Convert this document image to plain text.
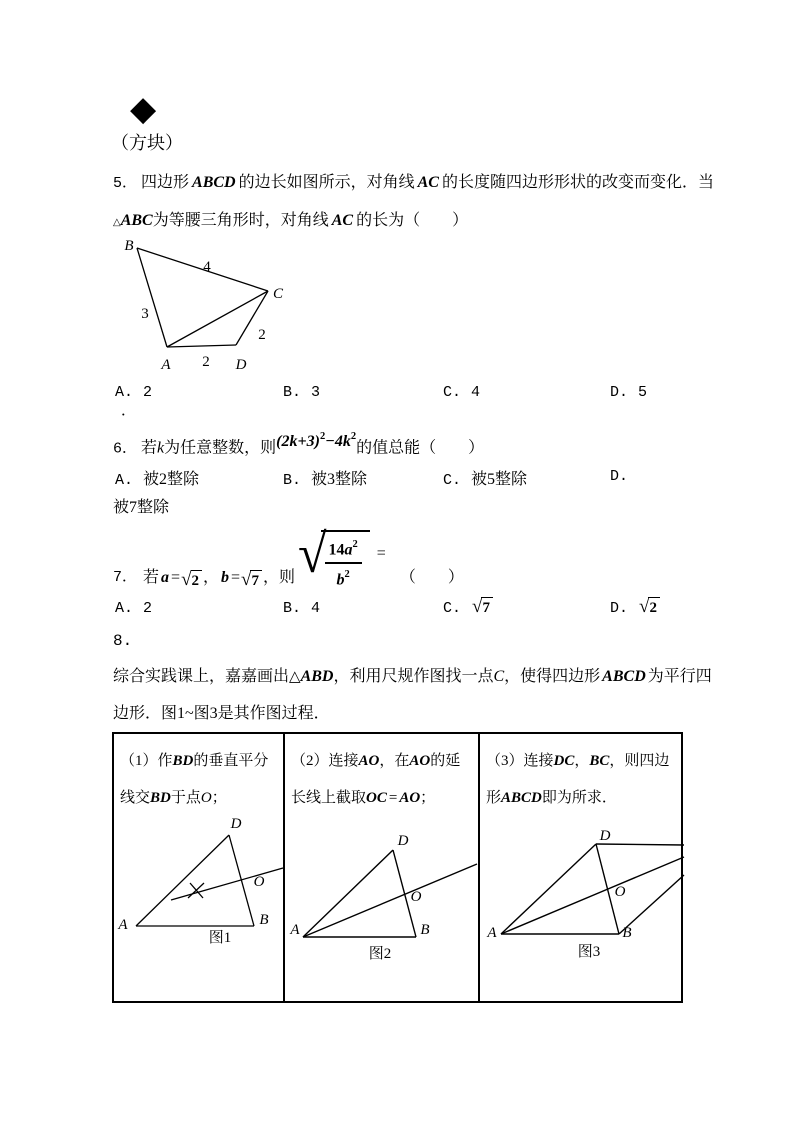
◆
（方块）
5． 四边形 ABCD 的边长如图所示，对角线 AC 的长度随四边形形状的改变而变化．当
△ABC为等腰三角形时，对角线 AC 的长为（　　）
B
C
A	D
4
3
2
2
A. 2	B. 3	C. 4	D. 5
．
6． 若k为任意整数，则$(2k+3)^2-4k^2$的值总能（　　）
A. 被2整除	B. 被3整除	C. 被5整除	D.
被7整除
7． 若 a = √ 2 ， b = √ 7 ，则 √
$\frac{14a^2}{b^2}$ =
（　　）
A. 2	B. 4	C. √ 7	D. √ 2
8.
综合实践课上，嘉嘉画出△ABD，利用尺规作图找一点C，使得四边形 ABCD 为平行四
边形．图1~图3是其作图过程．
（1）作BD的垂直平分线交BD于点O；
A	B
D
O
图1
（2）连接AO，在AO的延长线上截取OC = AO；
A	B
D
O
图2
（3）连接DC，BC，则四边形ABCD即为所求．
A	B
D
O
图3
